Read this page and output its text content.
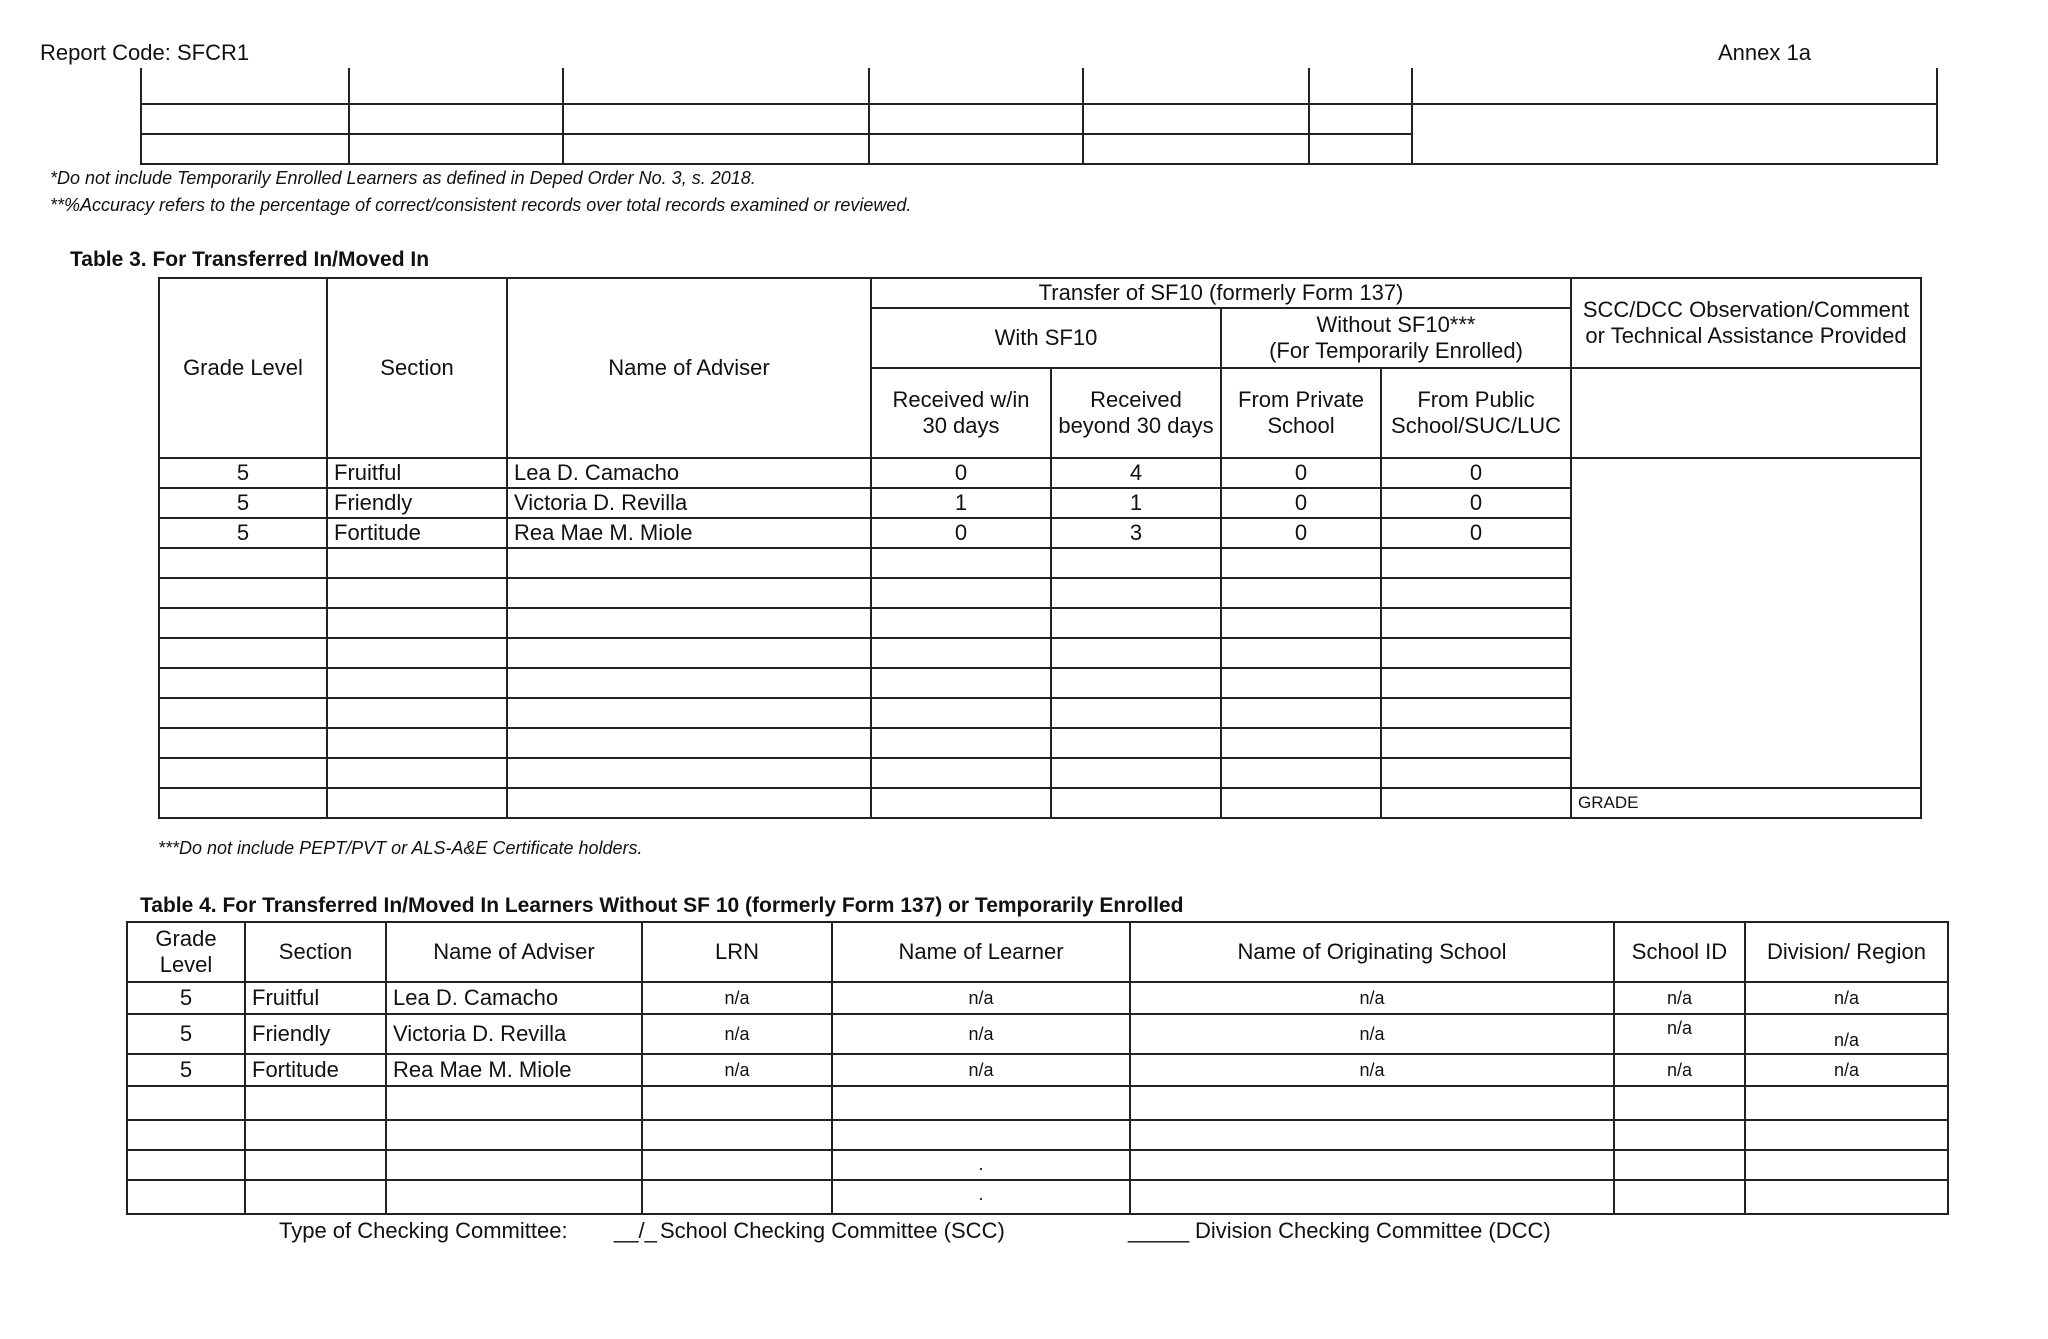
Report Code: SFCR1	Annex 1a

*Do not include Temporarily Enrolled Learners as defined in Deped Order No. 3, s. 2018.
**%Accuracy refers to the percentage of correct/consistent records over total records examined or reviewed.
Table 3. For Transferred In/Moved In
Grade Level	Section	Name of Adviser	Transfer of SF10 (formerly Form 137)				SCC/DCC Observation/Comment or Technical Assistance Provided
			With SF10		Without SF10***
(For Temporarily Enrolled)		

			Received w/in 30 days	Received beyond 30 days	From Private School	From Public School/SUC/LUC	
5	Fruitful	Lea D. Camacho	0	4	0	0	
5	Friendly	Victoria D. Revilla	1	1	0	0	
5	Fortitude	Rea Mae M. Miole	0	3	0	0	

							GRADE
***Do not include PEPT/PVT or ALS-A&E Certificate holders.
Table 4. For Transferred In/Moved In Learners Without SF 10 (formerly Form 137) or Temporarily Enrolled
Grade Level	Section	Name of Adviser	LRN	Name of Learner	Name of Originating School	School ID	Division/ Region
5	Fruitful	Lea D. Camacho	n/a	n/a	n/a	n/a	n/a
5	Friendly	Victoria D. Revilla	n/a	n/a	n/a	n/a	n/a
5	Fortitude	Rea Mae M. Miole	n/a	n/a	n/a	n/a	n/a

				.			
				.			
Type of Checking Committee: __/_ School Checking Committee (SCC)	_____ Division Checking Committee (DCC)
